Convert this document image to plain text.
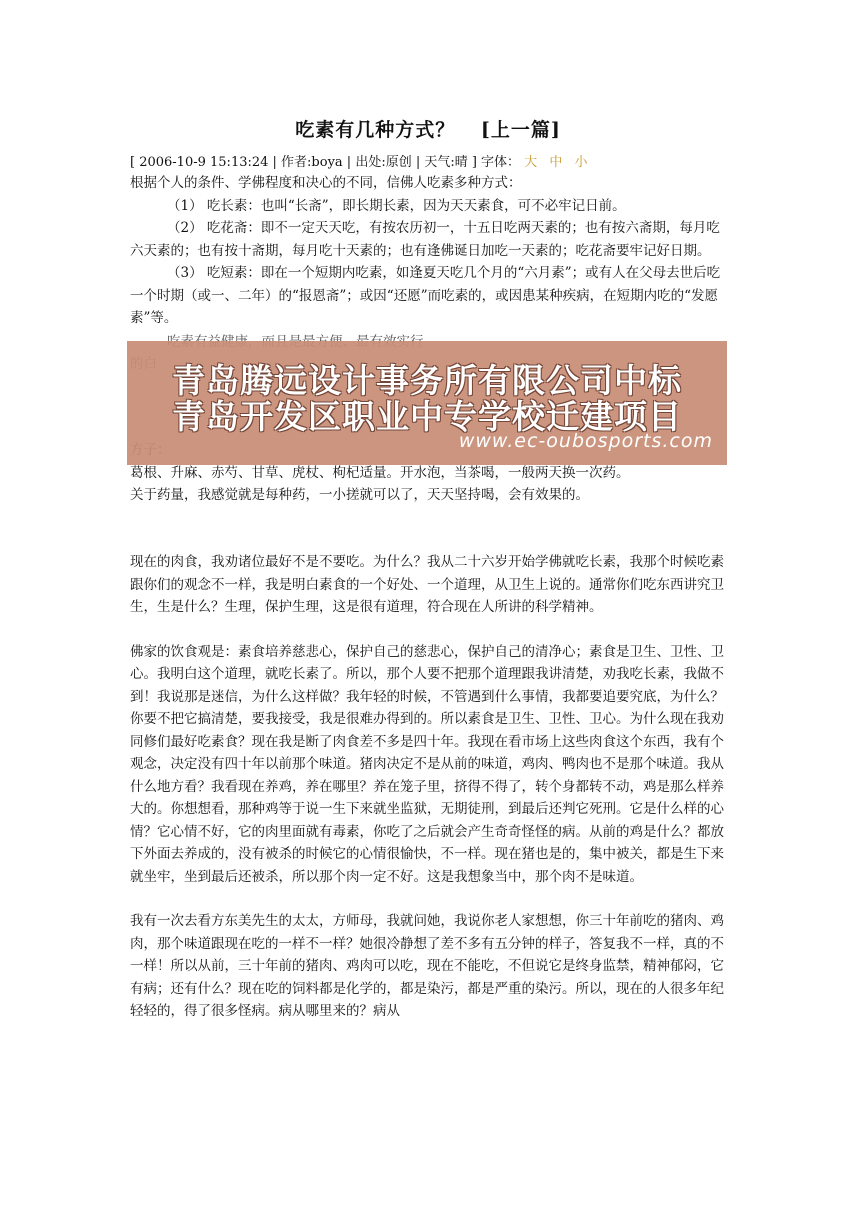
吃素有几种方式？ [上一篇]
[ 2006-10-9 15:13:24 | 作者:boya | 出处:原创 | 天气:晴 ] 字体： 大 中 小

根据个人的条件、学佛程度和决心的不同，信佛人吃素多种方式：

（1） 吃长素：也叫“长斋”，即长期长素，因为天天素食，可不必牢记日前。

（2） 吃花斋：即不一定天天吃，有按农历初一，十五日吃两天素的；也有按六斋期，每月吃六天素的；也有按十斋期，每月吃十天素的；也有逢佛诞日加吃一天素的；吃花斋要牢记好日期。

（3） 吃短素：即在一个短期内吃素，如逢夏天吃几个月的“六月素”；或有人在父母去世后吃一个时期（或一、二年）的“报恩斋”；或因“还愿”而吃素的，或因患某种疾病，在短期内吃的“发愿素”等。

葛根、升麻、赤芍、甘草、虎杖、枸杞适量。开水泡，当茶喝，一般两天换一次药。

关于药量，我感觉就是每种药，一小搓就可以了，天天坚持喝，会有效果的。

现在的肉食，我劝诸位最好不是不要吃。为什么？我从二十六岁开始学佛就吃长素，我那个时候吃素跟你们的观念不一样，我是明白素食的一个好处、一个道理，从卫生上说的。通常你们吃东西讲究卫生，生是什么？生理，保护生理，这是很有道理，符合现在人所讲的科学精神。

佛家的饮食观是：素食培养慈悲心，保护自己的慈悲心，保护自己的清净心；素食是卫生、卫性、卫心。我明白这个道理，就吃长素了。所以，那个人要不把那个道理跟我讲清楚，劝我吃长素，我做不到！我说那是迷信，为什么这样做？我年轻的时候，不管遇到什么事情，我都要追要究底，为什么？你要不把它搞清楚，要我接受，我是很难办得到的。所以素食是卫生、卫性、卫心。为什么现在我劝同修们最好吃素食？现在我是断了肉食差不多是四十年。我现在看市场上这些肉食这个东西，我有个观念，决定没有四十年以前那个味道。猪肉决定不是从前的味道，鸡肉、鸭肉也不是那个味道。我从什么地方看？我看现在养鸡，养在哪里？养在笼子里，挤得不得了，转个身都转不动，鸡是那么样养大的。你想想看，那种鸡等于说一生下来就坐监狱，无期徒刑，到最后还判它死刑。它是什么样的心情？它心情不好，它的肉里面就有毒素，你吃了之后就会产生奇奇怪怪的病。从前的鸡是什么？都放下外面去养成的，没有被杀的时候它的心情很愉快，不一样。现在猪也是的，集中被关，都是生下来就坐牢，坐到最后还被杀，所以那个肉一定不好。这是我想象当中，那个肉不是味道。

我有一次去看方东美先生的太太，方师母，我就问她，我说你老人家想想，你三十年前吃的猪肉、鸡肉，那个味道跟现在吃的一样不一样？她很冷静想了差不多有五分钟的样子，答复我不一样，真的不一样！所以从前，三十年前的猪肉、鸡肉可以吃，现在不能吃，不但说它是终身监禁，精神郁闷，它有病；还有什么？现在吃的饲料都是化学的，都是染污，都是严重的染污。所以，现在的人很多年纪轻轻的，得了很多怪病。病从哪里来的？病从

青岛腾远设计事务所有限公司中标
青岛开发区职业中专学校迁建项目
www.ec-oubosports.com
